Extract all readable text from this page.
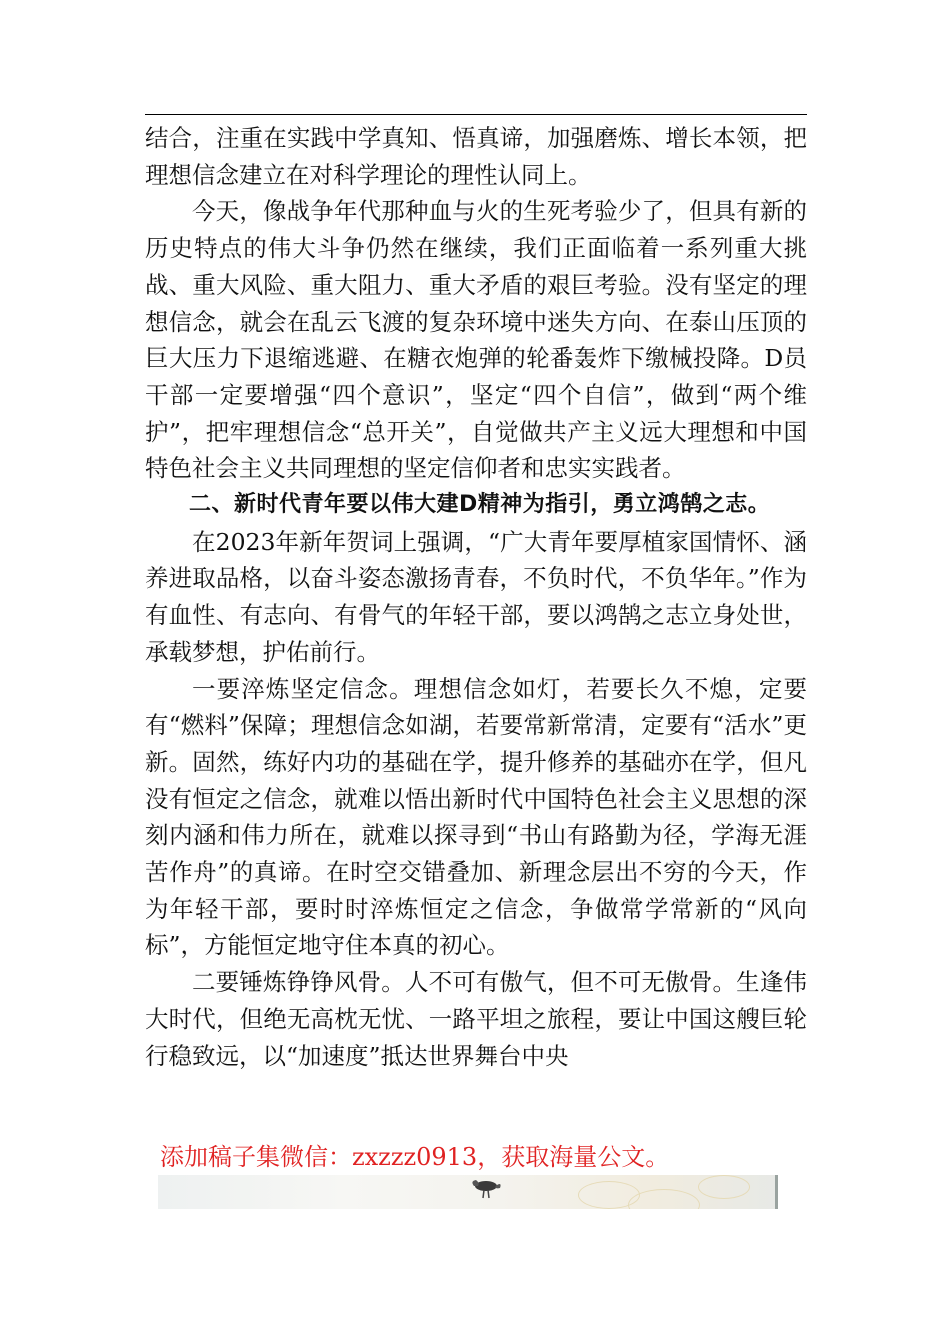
结合，注重在实践中学真知、悟真谛，加强磨炼、增长本领，把理想信念建立在对科学理论的理性认同上。

今天，像战争年代那种血与火的生死考验少了，但具有新的历史特点的伟大斗争仍然在继续，我们正面临着一系列重大挑战、重大风险、重大阻力、重大矛盾的艰巨考验。没有坚定的理想信念，就会在乱云飞渡的复杂环境中迷失方向、在泰山压顶的巨大压力下退缩逃避、在糖衣炮弹的轮番轰炸下缴械投降。D员干部一定要增强“四个意识”，坚定“四个自信”，做到“两个维护”，把牢理想信念“总开关”，自觉做共产主义远大理想和中国特色社会主义共同理想的坚定信仰者和忠实实践者。

二、新时代青年要以伟大建D精神为指引，勇立鸿鹄之志。

在2023年新年贺词上强调，“广大青年要厚植家国情怀、涵养进取品格，以奋斗姿态激扬青春，不负时代，不负华年。”作为有血性、有志向、有骨气的年轻干部，要以鸿鹄之志立身处世，承载梦想，护佑前行。

一要淬炼坚定信念。理想信念如灯，若要长久不熄，定要有“燃料”保障；理想信念如湖，若要常新常清，定要有“活水”更新。固然，练好内功的基础在学，提升修养的基础亦在学，但凡没有恒定之信念，就难以悟出新时代中国特色社会主义思想的深刻内涵和伟力所在，就难以探寻到“书山有路勤为径，学海无涯苦作舟”的真谛。在时空交错叠加、新理念层出不穷的今天，作为年轻干部，要时时淬炼恒定之信念，争做常学常新的“风向标”，方能恒定地守住本真的初心。

二要锤炼铮铮风骨。人不可有傲气，但不可无傲骨。生逢伟大时代，但绝无高枕无忧、一路平坦之旅程，要让中国这艘巨轮行稳致远，以“加速度”抵达世界舞台中央

添加稿子集微信：zxzzz0913，获取海量公文。
